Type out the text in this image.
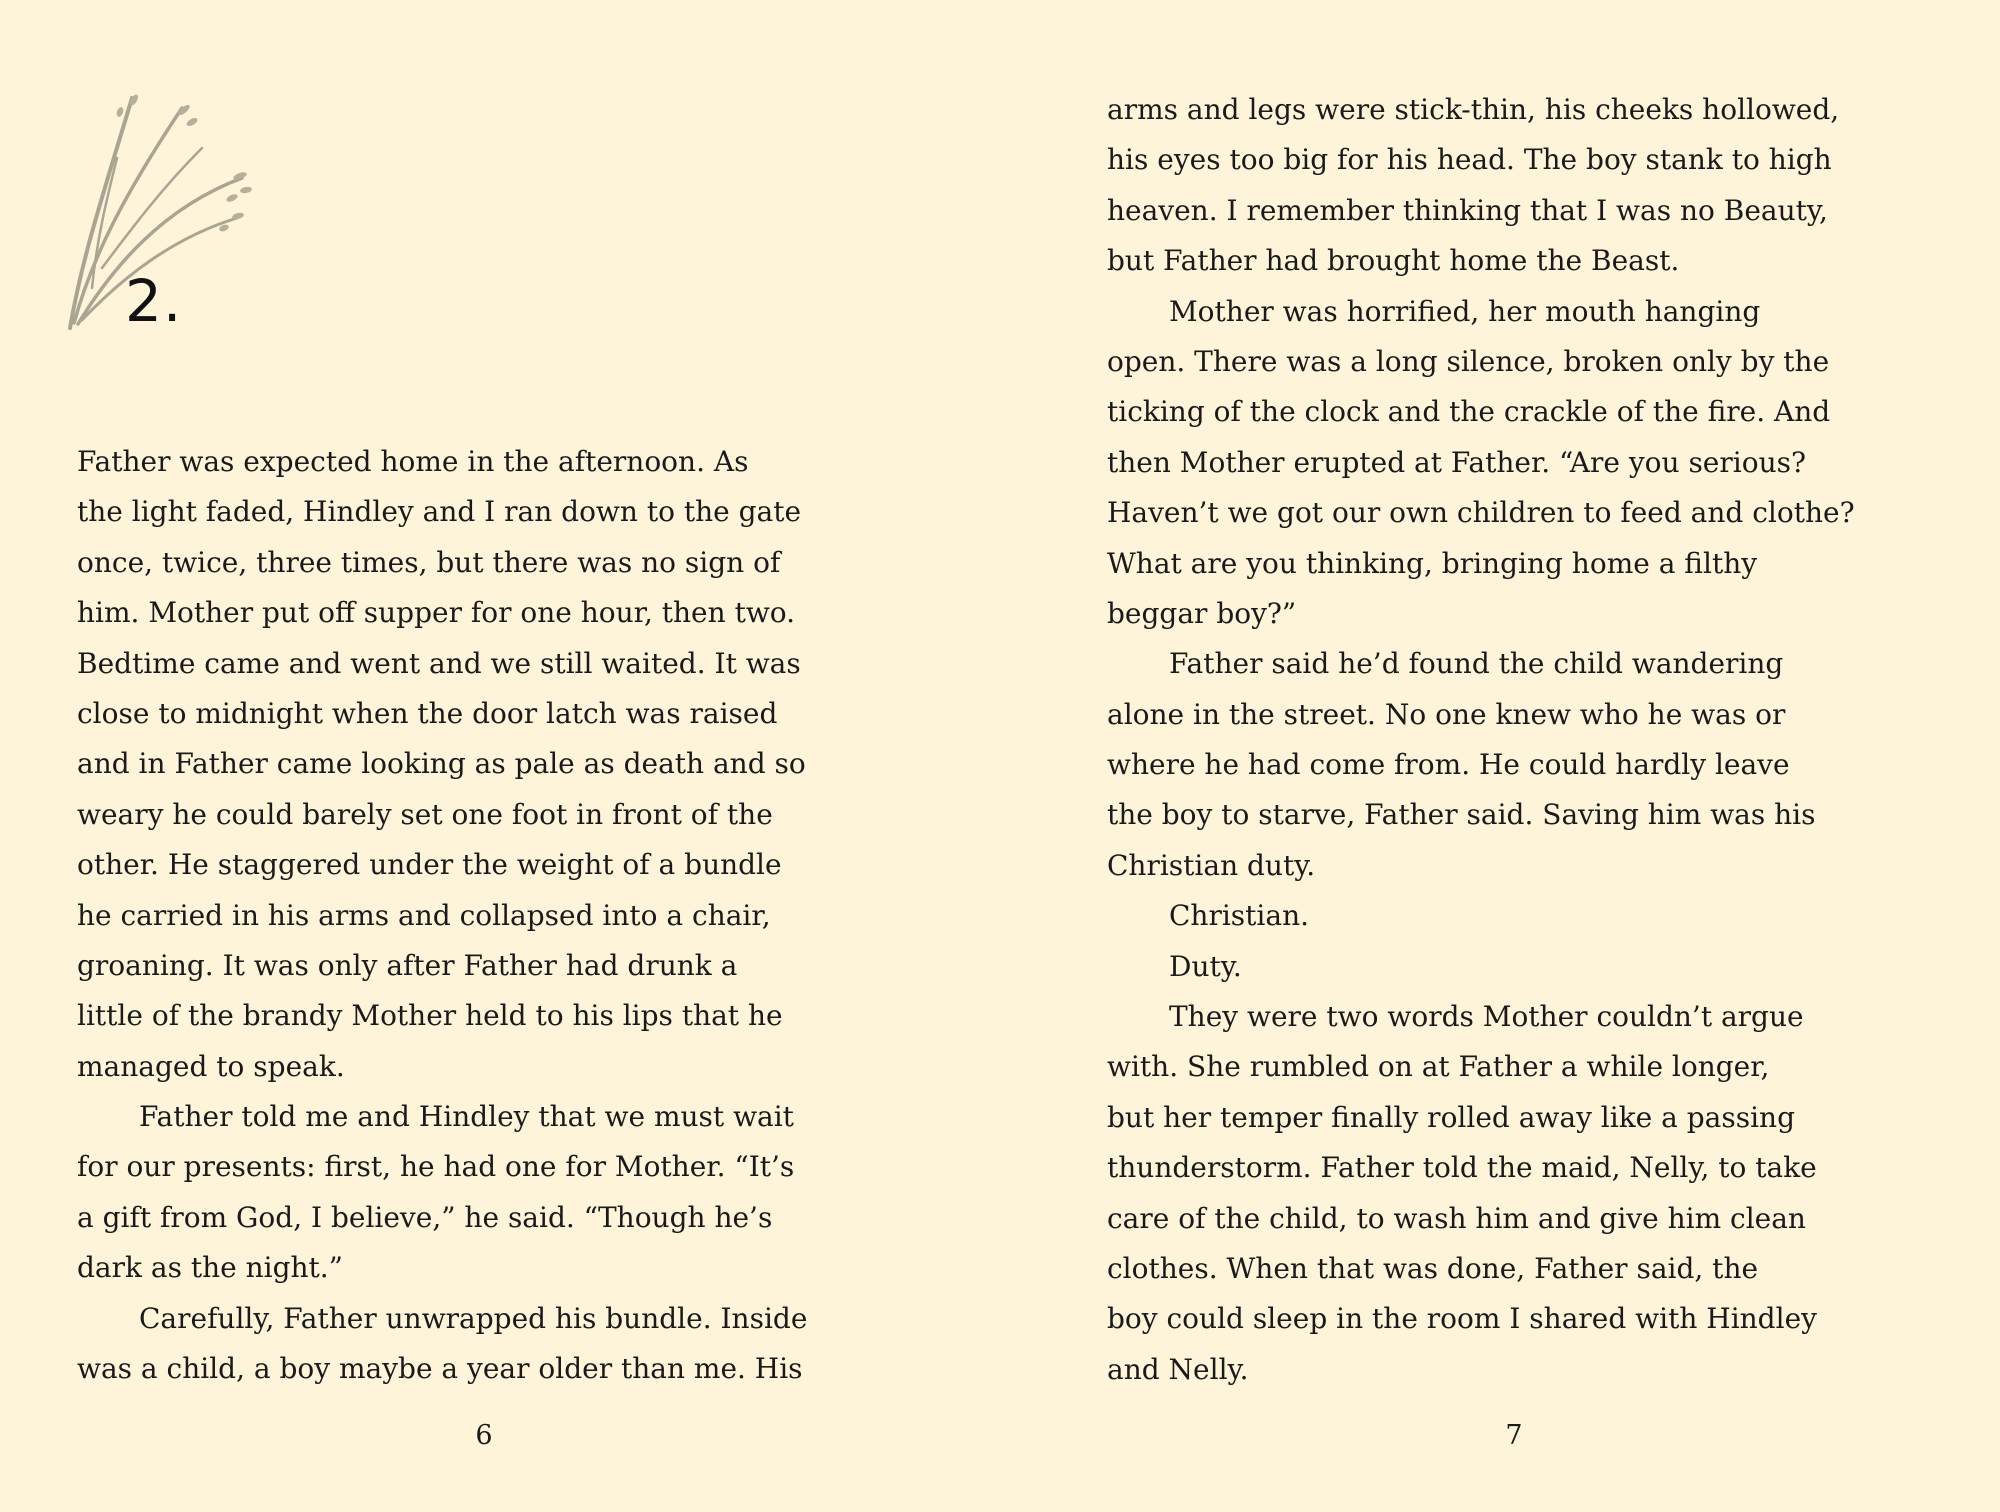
2.
Father was expected home in the afternoon. As
the light faded, Hindley and I ran down to the gate
once, twice, three times, but there was no sign of
him. Mother put off supper for one hour, then two.
Bedtime came and went and we still waited. It was
close to midnight when the door latch was raised
and in Father came looking as pale as death and so
weary he could barely set one foot in front of the
other. He staggered under the weight of a bundle
he carried in his arms and collapsed into a chair,
groaning. It was only after Father had drunk a
little of the brandy Mother held to his lips that he
managed to speak.
Father told me and Hindley that we must wait
for our presents: first, he had one for Mother. “It’s
a gift from God, I believe,” he said. “Though he’s
dark as the night.”
Carefully, Father unwrapped his bundle. Inside
was a child, a boy maybe a year older than me. His
6
arms and legs were stick-thin, his cheeks hollowed,
his eyes too big for his head. The boy stank to high
heaven. I remember thinking that I was no Beauty,
but Father had brought home the Beast.
Mother was horrified, her mouth hanging
open. There was a long silence, broken only by the
ticking of the clock and the crackle of the fire. And
then Mother erupted at Father. “Are you serious?
Haven’t we got our own children to feed and clothe?
What are you thinking, bringing home a filthy
beggar boy?”
Father said he’d found the child wandering
alone in the street. No one knew who he was or
where he had come from. He could hardly leave
the boy to starve, Father said. Saving him was his
Christian duty.
Christian.
Duty.
They were two words Mother couldn’t argue
with. She rumbled on at Father a while longer,
but her temper finally rolled away like a passing
thunderstorm. Father told the maid, Nelly, to take
care of the child, to wash him and give him clean
clothes. When that was done, Father said, the
boy could sleep in the room I shared with Hindley
and Nelly.
7
